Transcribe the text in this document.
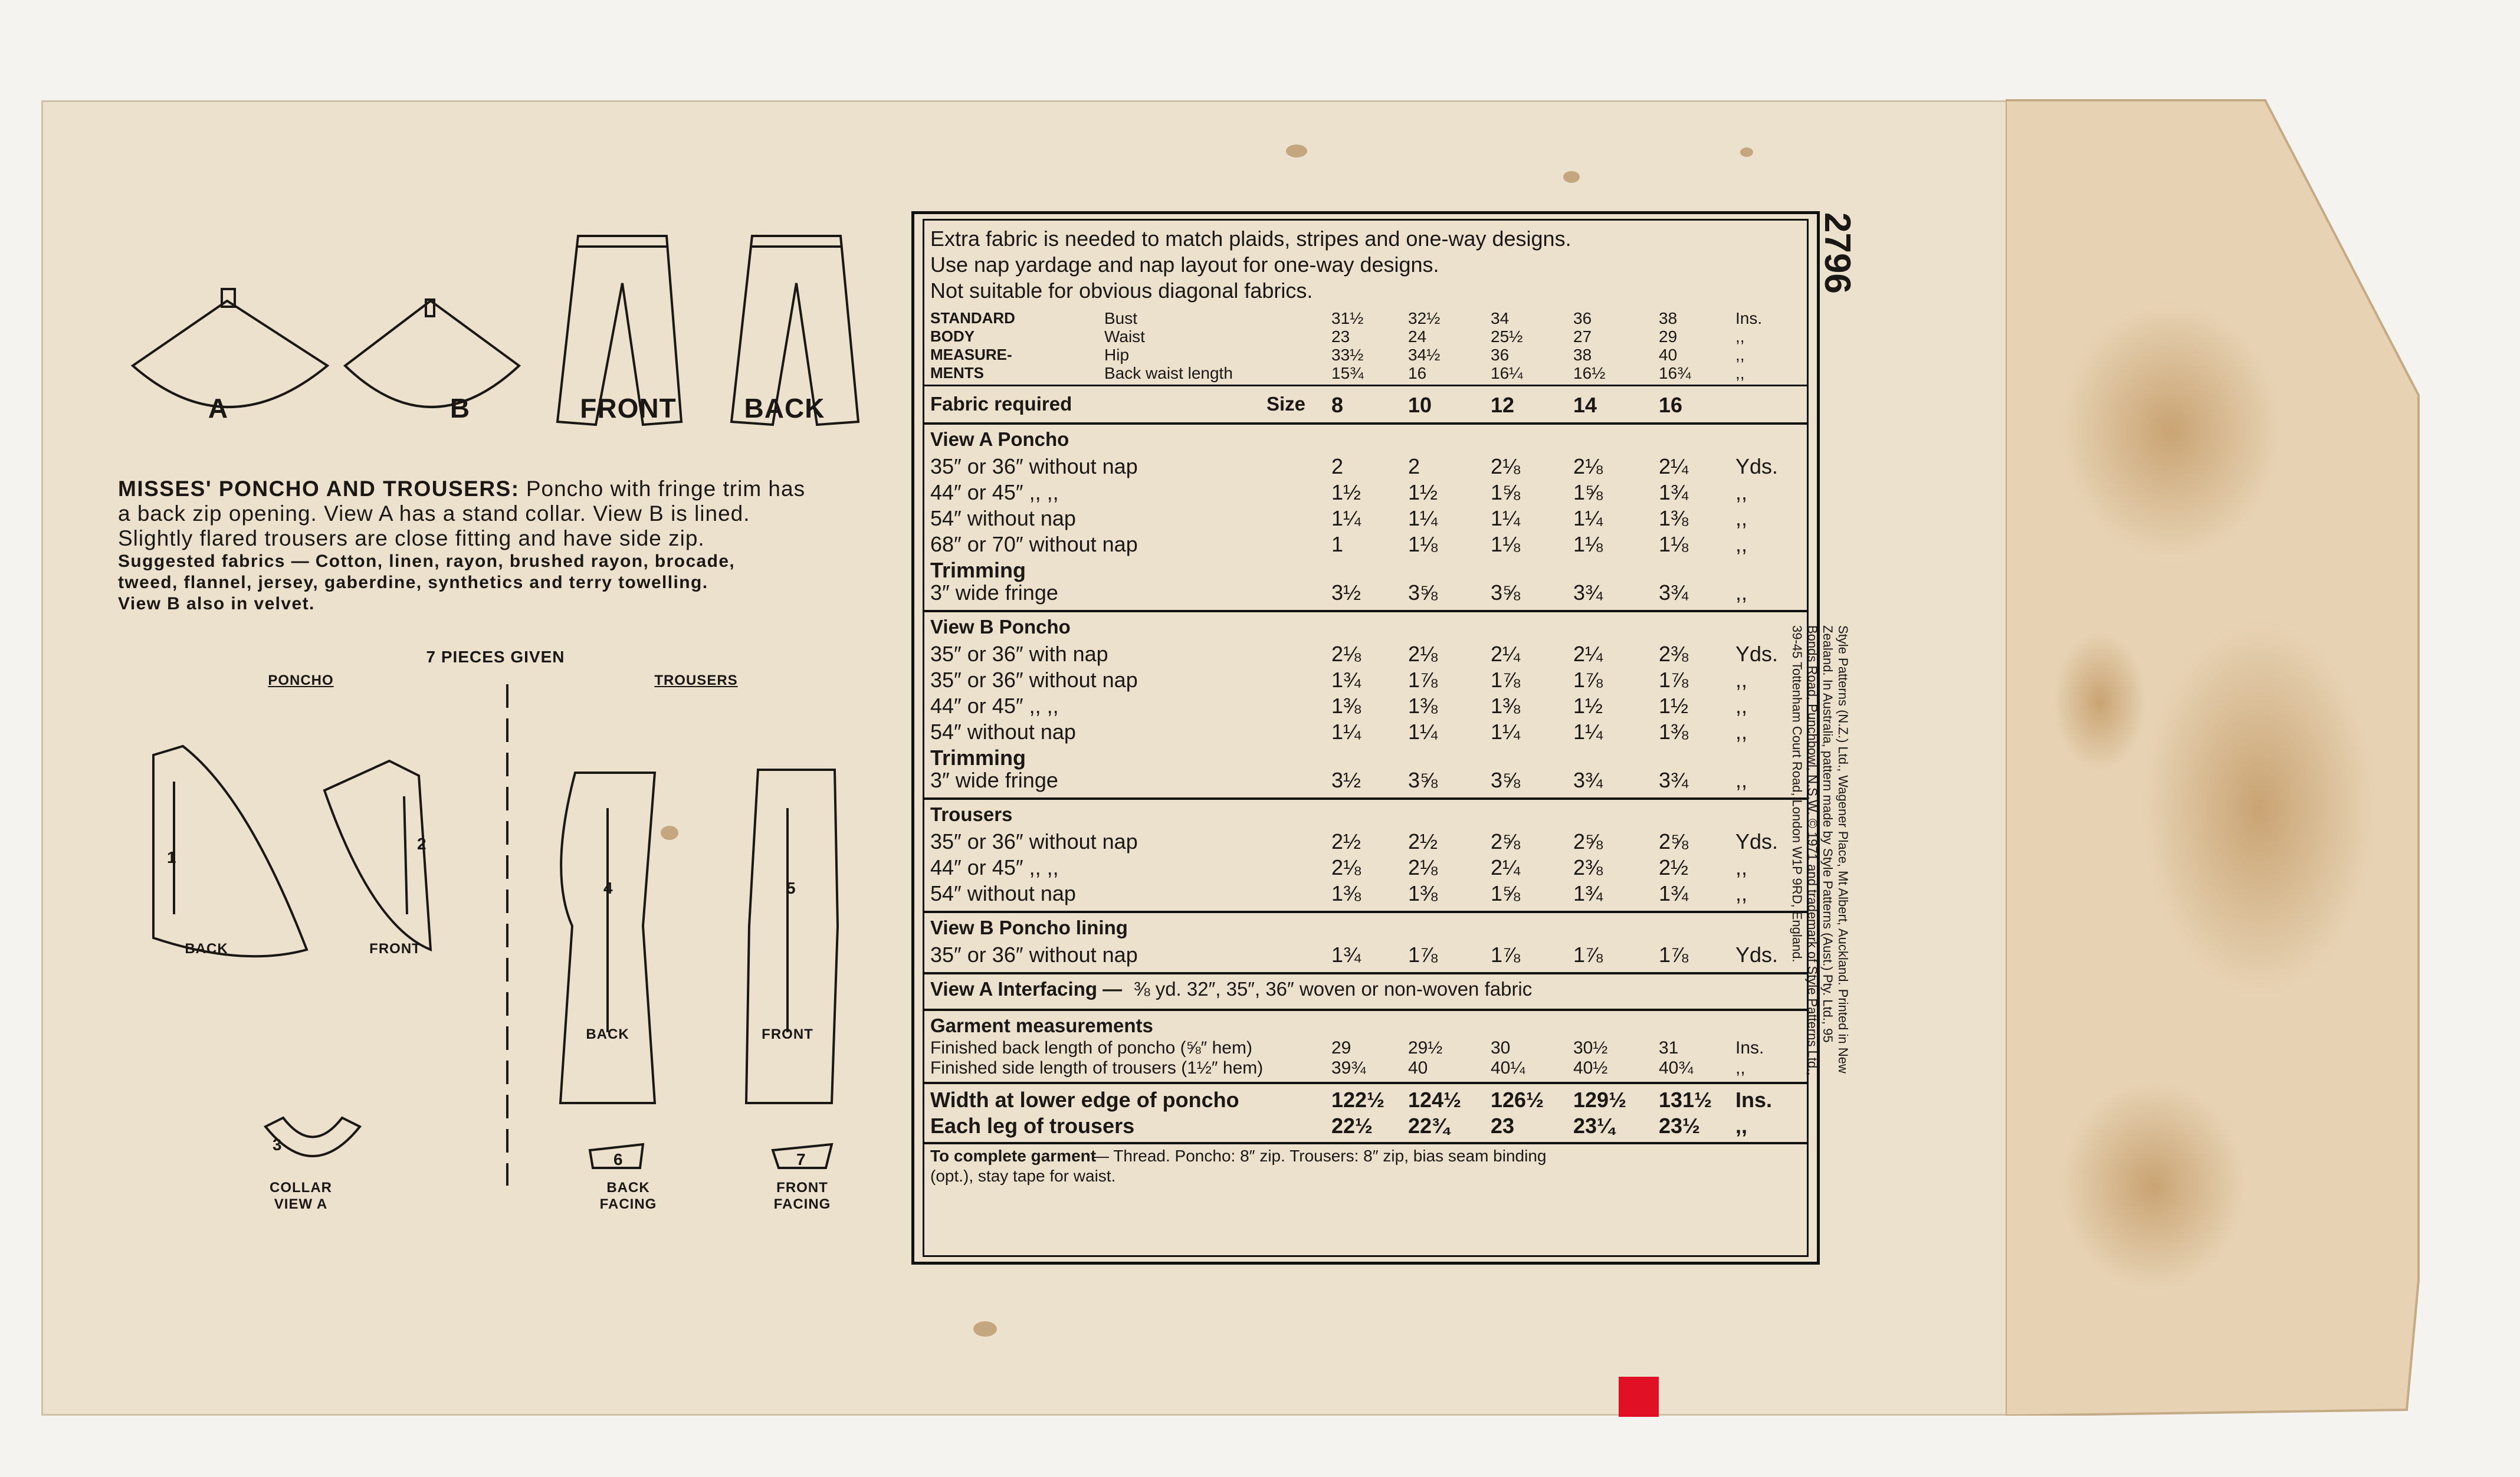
A	B	FRONT	BACK
MISSES' PONCHO AND TROUSERS: Poncho with fringe trim has
a back zip opening. View A has a stand collar. View B is lined.
Slightly flared trousers are close fitting and have side zip.
Suggested fabrics — Cotton, linen, rayon, brushed rayon, brocade,
tweed, flannel, jersey, gaberdine, synthetics and terry towelling.
View B also in velvet.
7 PIECES GIVEN
PONCHO	TROUSERS
1
2
4	5
3
6	7
BACK	FRONT
BACK	FRONT
COLLAR VIEW A
BACK FACING
FRONT FACING
Extra fabric is needed to match plaids, stripes and one-way designs.
Use nap yardage and nap layout for one-way designs.
Not suitable for obvious diagonal fabrics.
STANDARD
BODY
MEASURE-
MENTS
Bust	31½	32½	34	36	38	Ins.
Waist	23	24	25½	27	29	,,
Hip	33½	34½	36	38	40	,,
Back waist length	15¾	16	16¼	16½	16¾	,,
Fabric required	Size 8	10	12	14	16
View A Poncho
35″ or 36″ without nap	2	2	2⅛ 2⅛	2¼ Yds.
44″ or 45″ ,, ,,	1½ 1½ 1⅝ 1⅝	1¾ ,,
54″ without nap	1¼ 1¼ 1¼ 1¼	1⅜ ,,
68″ or 70″ without nap	1	1⅛ 1⅛ 1⅛	1⅛ ,,
Trimming
3″ wide fringe	3½ 3⅝ 3⅝ 3¾	3¾ ,,
View B Poncho
35″ or 36″ with nap	2⅛ 2⅛ 2¼ 2¼	2⅜ Yds.
35″ or 36″ without nap	1¾ 1⅞ 1⅞ 1⅞	1⅞ ,,
44″ or 45″ ,, ,,	1⅜ 1⅜ 1⅜ 1½	1½ ,,
54″ without nap	1¼ 1¼ 1¼ 1¼	1⅜ ,,
Trimming
3″ wide fringe	3½ 3⅝ 3⅝ 3¾	3¾ ,,
Trousers
35″ or 36″ without nap	2½ 2½ 2⅝ 2⅝	2⅝ Yds.
44″ or 45″ ,, ,,	2⅛ 2⅛ 2¼ 2⅜	2½ ,,
54″ without nap	1⅜ 1⅜ 1⅝ 1¾	1¾ ,,
View B Poncho lining
35″ or 36″ without nap	1¾ 1⅞ 1⅞ 1⅞	1⅞ Yds.
View A Interfacing — ⅜ yd. 32″, 35″, 36″ woven or non-woven fabric
Garment measurements
Finished back length of poncho (⅝″ hem)	29	29½	30	30½	31	Ins.
Finished side length of trousers (1½″ hem)	39¾ 40	40¼	40½	40¾ ,,
Width at lower edge of poncho	122½ 124½ 126½ 129½ 131½ Ins.
Each leg of trousers	22½ 22¾ 23	23¼ 23½ ,,
To complete garment
— Thread. Poncho: 8″ zip. Trousers: 8″ zip, bias seam binding
(opt.), stay tape for waist.
2796
Style Patterns (N.Z.) Ltd., Wagener Place, Mt Albert, Auckland. Printed in New
Zealand. In Australia, pattern made by Style Patterns (Aust.) Pty. Ltd., 95
Bonds Road, Punchbowl, N.S.W. © 1971 and trademark of Style Patterns Ltd.,
39-45 Tottenham Court Road, London W1P 9RD, England.
